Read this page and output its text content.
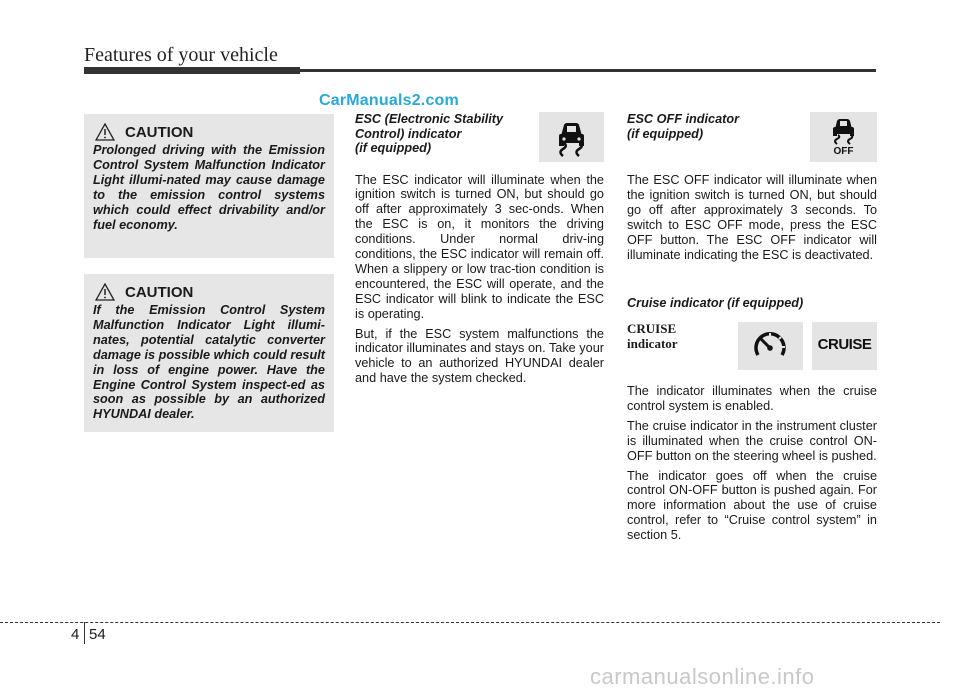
Features of your vehicle
CarManuals2.com
CAUTION
Prolonged driving with the Emission Control System Malfunction Indicator Light illumi-nated may cause damage to the emission control systems which could effect drivability and/or fuel economy.
CAUTION
If the Emission Control System Malfunction Indicator Light illumi-nates, potential catalytic converter damage is possible which could result in loss of engine power. Have the Engine Control System inspect-ed as soon as possible by an authorized HYUNDAI dealer.
ESC (Electronic Stability
Control) indicator
(if equipped)

The ESC indicator will illuminate when the ignition switch is turned ON, but should go off after approximately 3 sec-onds. When the ESC is on, it monitors the driving conditions. Under normal driv-ing conditions, the ESC indicator will remain off. When a slippery or low trac-tion condition is encountered, the ESC will operate, and the ESC indicator will blink to indicate the ESC is operating.

But, if the ESC system malfunctions the indicator illuminates and stays on. Take your vehicle to an authorized HYUNDAI dealer and have the system checked.

ESC OFF indicator
(if equipped)

The ESC OFF indicator will illuminate when the ignition switch is turned ON, but should go off after approximately 3 seconds. To switch to ESC OFF mode, press the ESC OFF button. The ESC OFF indicator will illuminate indicating the ESC is deactivated.

OFF
Cruise indicator (if equipped)
CRUISE
indicator	CRUISE

The indicator illuminates when the cruise control system is enabled.

The cruise indicator in the instrument cluster is illuminated when the cruise control ON-OFF button on the steering wheel is pushed.

The indicator goes off when the cruise control ON-OFF button is pushed again. For more information about the use of cruise control, refer to “Cruise control system” in section 5.

4 54
carmanualsonline.info
